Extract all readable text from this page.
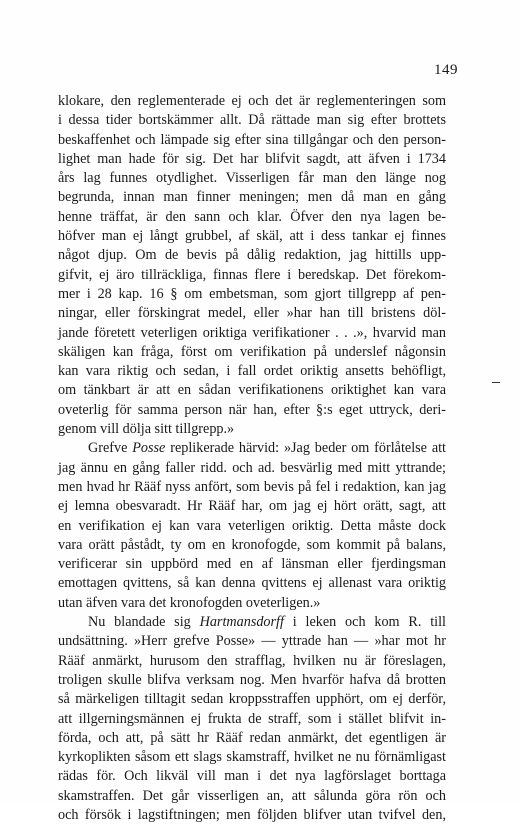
149
klokare, den reglementerade ej och det är reglementeringen som
i dessa tider bortskämmer allt. Då rättade man sig efter brottets
beskaffenhet och lämpade sig efter sina tillgångar och den person-
lighet man hade för sig. Det har blifvit sagdt, att äfven i 1734
års lag funnes otydlighet. Visserligen får man den länge nog
begrunda, innan man finner meningen; men då man en gång
henne träffat, är den sann och klar. Öfver den nya lagen be-
höfver man ej långt grubbel, af skäl, att i dess tankar ej finnes
något djup. Om de bevis på dålig redaktion, jag hittills upp-
gifvit, ej äro tillräckliga, finnas flere i beredskap. Det förekom-
mer i 28 kap. 16 § om embetsman, som gjort tillgrepp af pen-
ningar, eller förskingrat medel, eller »har han till bristens döl-
jande företett veterligen oriktiga verifikationer . . .», hvarvid man
skäligen kan fråga, först om verifikation på underslef någonsin
kan vara riktig och sedan, i fall ordet oriktig ansetts behöfligt,
om tänkbart är att en sådan verifikationens oriktighet kan vara
oveterlig för samma person när han, efter §:s eget uttryck, deri-
genom vill dölja sitt tillgrepp.»
Grefve Posse replikerade härvid: »Jag beder om förlåtelse att
jag ännu en gång faller ridd. och ad. besvärlig med mitt yttrande;
men hvad hr Rääf nyss anfört, som bevis på fel i redaktion, kan jag
ej lemna obesvaradt. Hr Rääf har, om jag ej hört orätt, sagt, att
en verifikation ej kan vara veterligen oriktig. Detta måste dock
vara orätt påstådt, ty om en kronofogde, som kommit på balans,
verificerar sin uppbörd med en af länsman eller fjerdingsman
emottagen qvittens, så kan denna qvittens ej allenast vara oriktig
utan äfven vara det kronofogden oveterligen.»
Nu blandade sig Hartmansdorff i leken och kom R. till
undsättning. »Herr grefve Posse» — yttrade han — »har mot hr
Rääf anmärkt, hurusom den strafflag, hvilken nu är föreslagen,
troligen skulle blifva verksam nog. Men hvarför hafva då brotten
så märkeligen tilltagit sedan kroppsstraffen upphört, om ej derför,
att illgerningsmännen ej frukta de straff, som i stället blifvit in-
förda, och att, på sätt hr Rääf redan anmärkt, det egentligen är
kyrkoplikten såsom ett slags skamstraff, hvilket ne nu förnämligast
rädas för. Och likväl vill man i det nya lagförslaget borttaga
skamstraffen. Det går visserligen an, att sålunda göra rön och
och försök i lagstiftningen; men följden blifver utan tvifvel den,
